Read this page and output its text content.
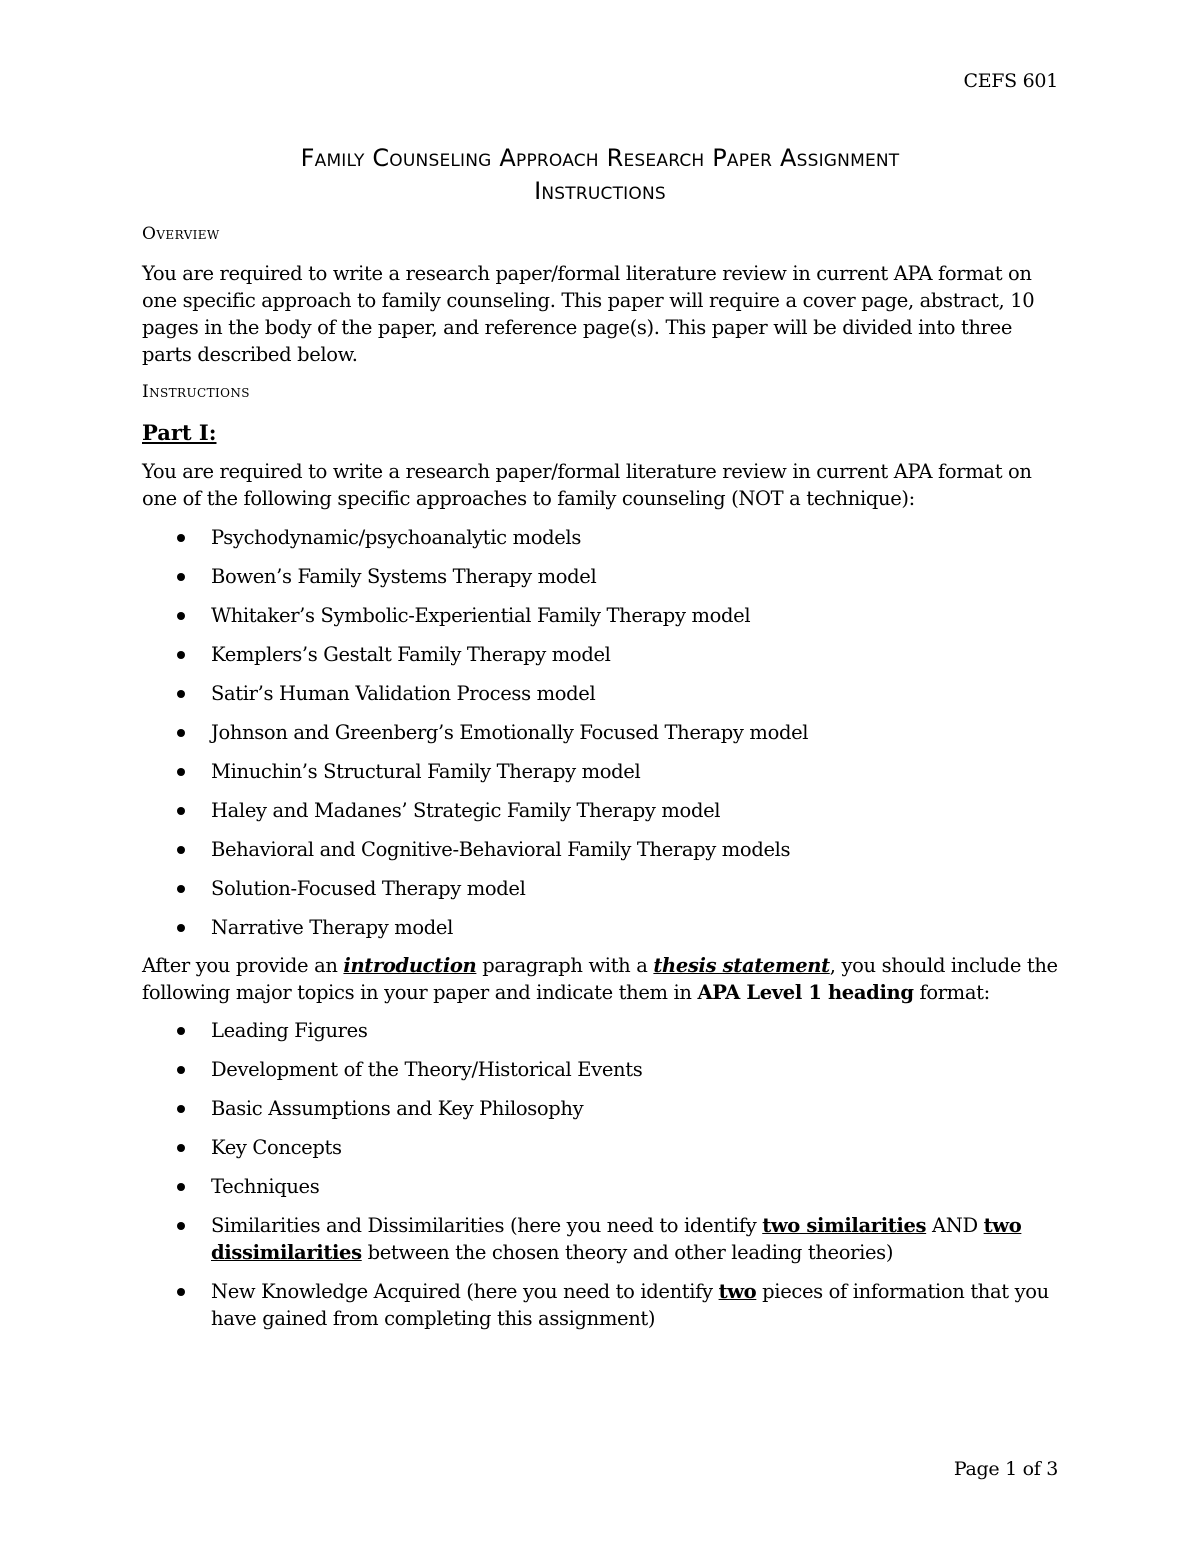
CEFS 601
Family Counseling Approach Research Paper Assignment
Instructions
Overview
You are required to write a research paper/formal literature review in current APA format on one specific approach to family counseling. This paper will require a cover page, abstract, 10 pages in the body of the paper, and reference page(s). This paper will be divided into three parts described below.
Instructions
Part I:
You are required to write a research paper/formal literature review in current APA format on one of the following specific approaches to family counseling (NOT a technique):
Psychodynamic/psychoanalytic models
Bowen’s Family Systems Therapy model
Whitaker’s Symbolic-Experiential Family Therapy model
Kemplers’s Gestalt Family Therapy model
Satir’s Human Validation Process model
Johnson and Greenberg’s Emotionally Focused Therapy model
Minuchin’s Structural Family Therapy model
Haley and Madanes’ Strategic Family Therapy model
Behavioral and Cognitive-Behavioral Family Therapy models
Solution-Focused Therapy model
Narrative Therapy model
After you provide an introduction paragraph with a thesis statement, you should include the following major topics in your paper and indicate them in APA Level 1 heading format:
Leading Figures
Development of the Theory/Historical Events
Basic Assumptions and Key Philosophy
Key Concepts
Techniques
Similarities and Dissimilarities (here you need to identify two similarities AND two dissimilarities between the chosen theory and other leading theories)
New Knowledge Acquired (here you need to identify two pieces of information that you have gained from completing this assignment)
Page 1 of 3
